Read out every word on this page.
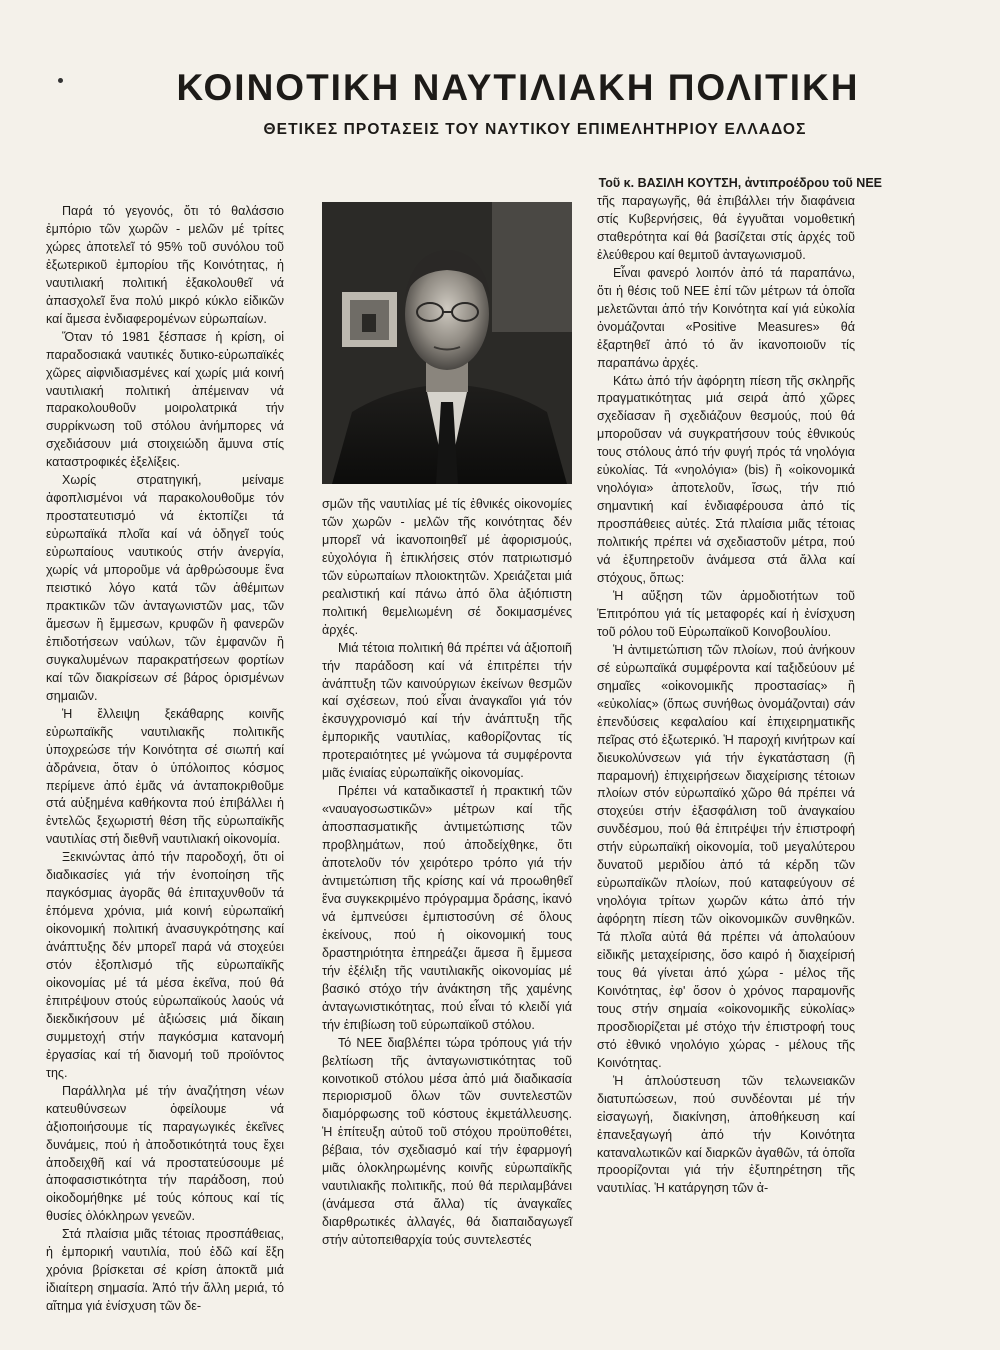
ΚΟΙΝΟΤΙΚΗ ΝΑΥΤΙΛΙΑΚΗ ΠΟΛΙΤΙΚΗ
ΘΕΤΙΚΕΣ ΠΡΟΤΑΣΕΙΣ ΤΟΥ ΝΑΥΤΙΚΟΥ ΕΠΙΜΕΛΗΤΗΡΙΟΥ ΕΛΛΑΔΟΣ

Τοῦ κ. ΒΑΣΙΛΗ ΚΟΥΤΣΗ, ἀντιπροέδρου τοῦ ΝΕΕ

Παρά τό γεγονός, ὅτι τό θαλάσσιο ἐμπόριο τῶν χωρῶν - μελῶν μέ τρίτες χώρες ἀποτελεῖ τό 95% τοῦ συνόλου τοῦ ἐξωτερικοῦ ἐμπορίου τῆς Κοινότητας, ἡ ναυτιλιακή πολιτική ἐξακολουθεῖ νά ἀπασχολεῖ ἕνα πολύ μικρό κύκλο εἰδικῶν καί ἄμεσα ἐνδιαφερομένων εὐρωπαίων.

Ὅταν τό 1981 ξέσπασε ἡ κρίση, οἱ παραδοσιακά ναυτικές δυτικο-εὐρωπαϊκές χῶρες αἰφνιδιασμένες καί χωρίς μιά κοινή ναυτιλιακή πολιτική ἀπέμειναν νά παρακολουθοῦν μοιρολατρικά τήν συρρίκνωση τοῦ στόλου ἀνήμπορες νά σχεδιάσουν μιά στοιχειώδη ἄμυνα στίς καταστροφικές ἐξελίξεις.

Χωρίς στρατηγική, μείναμε ἀφοπλισμένοι νά παρακολουθοῦμε τόν προστατευτισμό νά ἐκτοπίζει τά εὐρωπαϊκά πλοῖα καί νά ὁδηγεῖ τούς εὐρωπαίους ναυτικούς στήν ἀνεργία, χωρίς νά μποροῦμε νά ἀρθρώσουμε ἕνα πειστικό λόγο κατά τῶν ἀθέμιτων πρακτικῶν τῶν ἀνταγωνιστῶν μας, τῶν ἄμεσων ἢ ἔμμεσων, κρυφῶν ἢ φανερῶν ἐπιδοτήσεων ναύλων, τῶν ἐμφανῶν ἢ συγκαλυμένων παρακρατήσεων φορτίων καί τῶν διακρίσεων σέ βάρος ὁρισμένων σημαιῶν.

Ἡ ἔλλειψη ξεκάθαρης κοινῆς εὐρωπαϊκῆς ναυτιλιακῆς πολιτικῆς ὑποχρεώσε τήν Κοινότητα σέ σιωπή καί ἀδράνεια, ὅταν ὁ ὑπόλοιπος κόσμος περίμενε ἀπό ἐμᾶς νά ἀνταποκριθοῦμε στά αὐξημένα καθήκοντα πού ἐπιβάλλει ἡ ἐντελῶς ξεχωριστή θέση τῆς εὐρωπαϊκῆς ναυτιλίας στή διεθνῆ ναυτιλιακή οἰκονομία.

Ξεκινώντας ἀπό τήν παροδοχή, ὅτι οἱ διαδικασίες γιά τήν ἑνοποίηση τῆς παγκόσμιας ἀγορᾶς θά ἐπιταχυνθοῦν τά ἑπόμενα χρόνια, μιά κοινή εὐρωπαϊκή οἰκονομική πολιτική ἀνασυγκρότησης καί ἀνάπτυξης δέν μπορεῖ παρά νά στοχεύει στόν ἐξοπλισμό τῆς εὐρωπαϊκῆς οἰκονομίας μέ τά μέσα ἐκεῖνα, πού θά ἐπιτρέψουν στούς εὐρωπαϊκούς λαούς νά διεκδικήσουν μέ ἀξιώσεις μιά δίκαιη συμμετοχή στήν παγκόσμια κατανομή ἐργασίας καί τή διανομή τοῦ προϊόντος της.

Παράλληλα μέ τήν ἀναζήτηση νέων κατευθύνσεων ὀφείλουμε νά ἀξιοποιήσουμε τίς παραγωγικές ἐκεῖνες δυνάμεις, πού ἡ ἀποδοτικότητά τους ἔχει ἀποδειχθῆ καί νά προστατεύσουμε μέ ἀποφασιστικότητα τήν παράδοση, πού οἰκοδομήθηκε μέ τούς κόπους καί τίς θυσίες ὁλόκληρων γενεῶν.

Στά πλαίσια μιᾶς τέτοιας προσπάθειας, ἡ ἐμπορική ναυτιλία, πού ἐδῶ καί ἕξη χρόνια βρίσκεται σέ κρίση ἀποκτᾶ μιά ἰδιαίτερη σημασία. Ἀπό τήν ἄλλη μεριά, τό αἴτημα γιά ἐνίσχυση τῶν δε-

σμῶν τῆς ναυτιλίας μέ τίς ἐθνικές οἰκονομίες τῶν χωρῶν - μελῶν τῆς κοινότητας δέν μπορεῖ νά ἱκανοποιηθεῖ μέ ἀφορισμούς, εὐχολόγια ἢ ἐπικλήσεις στόν πατριωτισμό τῶν εὐρωπαίων πλοιοκτητῶν. Χρειάζεται μιά ρεαλιστική καί πάνω ἀπό ὅλα ἀξιόπιστη πολιτική θεμελιωμένη σέ δοκιμασμένες ἀρχές.

Μιά τέτοια πολιτική θά πρέπει νά ἀξιοποιῆ τήν παράδοση καί νά ἐπιτρέπει τήν ἀνάπτυξη τῶν καινούργιων ἐκείνων θεσμῶν καί σχέσεων, πού εἶναι ἀναγκαῖοι γιά τόν ἐκσυγχρονισμό καί τήν ἀνάπτυξη τῆς ἐμπορικῆς ναυτιλίας, καθορίζοντας τίς προτεραιότητες μέ γνώμονα τά συμφέροντα μιᾶς ἑνιαίας εὐρωπαϊκῆς οἰκονομίας.

Πρέπει νά καταδικαστεῖ ἡ πρακτική τῶν «ναυαγοσωστικῶν» μέτρων καί τῆς ἀποσπασματικῆς ἀντιμετώπισης τῶν προβλημάτων, πού ἀποδείχθηκε, ὅτι ἀποτελοῦν τόν χειρότερο τρόπο γιά τήν ἀντιμετώπιση τῆς κρίσης καί νά προωθηθεῖ ἕνα συγκεκριμένο πρόγραμμα δράσης, ἱκανό νά ἐμπνεύσει ἐμπιστοσύνη σέ ὅλους ἐκείνους, πού ἡ οἰκονομική τους δραστηριότητα ἐπηρεάζει ἄμεσα ἢ ἔμμεσα τήν ἐξέλιξη τῆς ναυτιλιακῆς οἰκονομίας μέ βασικό στόχο τήν ἀνάκτηση τῆς χαμένης ἀνταγωνιστικότητας, πού εἶναι τό κλειδί γιά τήν ἐπιβίωση τοῦ εὐρωπαϊκοῦ στόλου.

Τό ΝΕΕ διαβλέπει τώρα τρόπους γιά τήν βελτίωση τῆς ἀνταγωνιστικότητας τοῦ κοινοτικοῦ στόλου μέσα ἀπό μιά διαδικασία περιορισμοῦ ὅλων τῶν συντελεστῶν διαμόρφωσης τοῦ κόστους ἐκμετάλλευσης. Ἡ ἐπίτευξη αὐτοῦ τοῦ στόχου προϋποθέτει, βέβαια, τόν σχεδιασμό καί τήν ἐφαρμογή μιᾶς ὁλοκληρωμένης κοινῆς εὐρωπαϊκῆς ναυτιλιακῆς πολιτικῆς, πού θά περιλαμβάνει (ἀνάμεσα στά ἄλλα) τίς ἀναγκαῖες διαρθρωτικές ἀλλαγές, θά διαπαιδαγωγεῖ στήν αὐτοπειθαρχία τούς συντελεστές

τῆς παραγωγῆς, θά ἐπιβάλλει τήν διαφάνεια στίς Κυβερνήσεις, θά ἐγγυᾶται νομοθετική σταθερότητα καί θά βασίζεται στίς ἀρχές τοῦ ἐλεύθερου καί θεμιτοῦ ἀνταγωνισμοῦ.

Εἶναι φανερό λοιπόν ἀπό τά παραπάνω, ὅτι ἡ θέσις τοῦ ΝΕΕ ἐπί τῶν μέτρων τά ὁποῖα μελετῶνται ἀπό τήν Κοινότητα καί γιά εὐκολία ὀνομάζονται «Positive Measures» θά ἐξαρτηθεῖ ἀπό τό ἄν ἱκανοποιοῦν τίς παραπάνω ἀρχές.

Κάτω ἀπό τήν ἀφόρητη πίεση τῆς σκληρῆς πραγματικότητας μιά σειρά ἀπό χῶρες σχεδίασαν ἢ σχεδιάζουν θεσμούς, πού θά μποροῦσαν νά συγκρατήσουν τούς ἐθνικούς τους στόλους ἀπό τήν φυγή πρός τά νηολόγια εὐκολίας. Τά «νηολόγια» (bis) ἢ «οἰκονομικά νηολόγια» ἀποτελοῦν, ἴσως, τήν πιό σημαντική καί ἐνδιαφέρουσα ἀπό τίς προσπάθειες αὐτές. Στά πλαίσια μιᾶς τέτοιας πολιτικής πρέπει νά σχεδιαστοῦν μέτρα, πού νά ἐξυπηρετοῦν ἀνάμεσα στά ἄλλα καί στόχους, ὅπως:

Ἡ αὔξηση τῶν ἁρμοδιοτήτων τοῦ Ἐπιτρόπου γιά τίς μεταφορές καί ἡ ἐνίσχυση τοῦ ρόλου τοῦ Εὐρωπαϊκοῦ Κοινοβουλίου.

Ἡ ἀντιμετώπιση τῶν πλοίων, πού ἀνήκουν σέ εὐρωπαϊκά συμφέροντα καί ταξιδεύουν μέ σημαῖες «οἰκονομικῆς προστασίας» ἢ «εὐκολίας» (ὅπως συνήθως ὀνομάζονται) σάν ἐπενδύσεις κεφαλαίου καί ἐπιχειρηματικῆς πεῖρας στό ἐξωτερικό. Ἡ παροχή κινήτρων καί διευκολύνσεων γιά τήν ἐγκατάσταση (ἢ παραμονή) ἐπιχειρήσεων διαχείρισης τέτοιων πλοίων στόν εὐρωπαϊκό χῶρο θά πρέπει νά στοχεύει στήν ἐξασφάλιση τοῦ ἀναγκαίου συνδέσμου, πού θά ἐπιτρέψει τήν ἐπιστροφή στήν εὐρωπαϊκή οἰκονομία, τοῦ μεγαλύτερου δυνατοῦ μεριδίου ἀπό τά κέρδη τῶν εὐρωπαϊκῶν πλοίων, πού καταφεύγουν σέ νηολόγια τρίτων χωρῶν κάτω ἀπό τήν ἀφόρητη πίεση τῶν οἰκονομικῶν συνθηκῶν. Τά πλοῖα αὐτά θά πρέπει νά ἀπολαύουν εἰδικῆς μεταχείρισης, ὅσο καιρό ἡ διαχείρισή τους θά γίνεται ἀπό χώρα - μέλος τῆς Κοινότητας, ἐφ' ὅσον ὁ χρόνος παραμονῆς τους στήν σημαία «οἰκονομικῆς εὐκολίας» προσδιορίζεται μέ στόχο τήν ἐπιστροφή τους στό ἐθνικό νηολόγιο χώρας - μέλους τῆς Κοινότητας.

Ἡ ἁπλούστευση τῶν τελωνειακῶν διατυπώσεων, πού συνδέονται μέ τήν εἰσαγωγή, διακίνηση, ἀποθήκευση καί ἐπανεξαγωγή ἀπό τήν Κοινότητα καταναλωτικῶν καί διαρκῶν ἀγαθῶν, τά ὁποῖα προορίζονται γιά τήν ἐξυπηρέτηση τῆς ναυτιλίας. Ἡ κατάργηση τῶν ἀ-
